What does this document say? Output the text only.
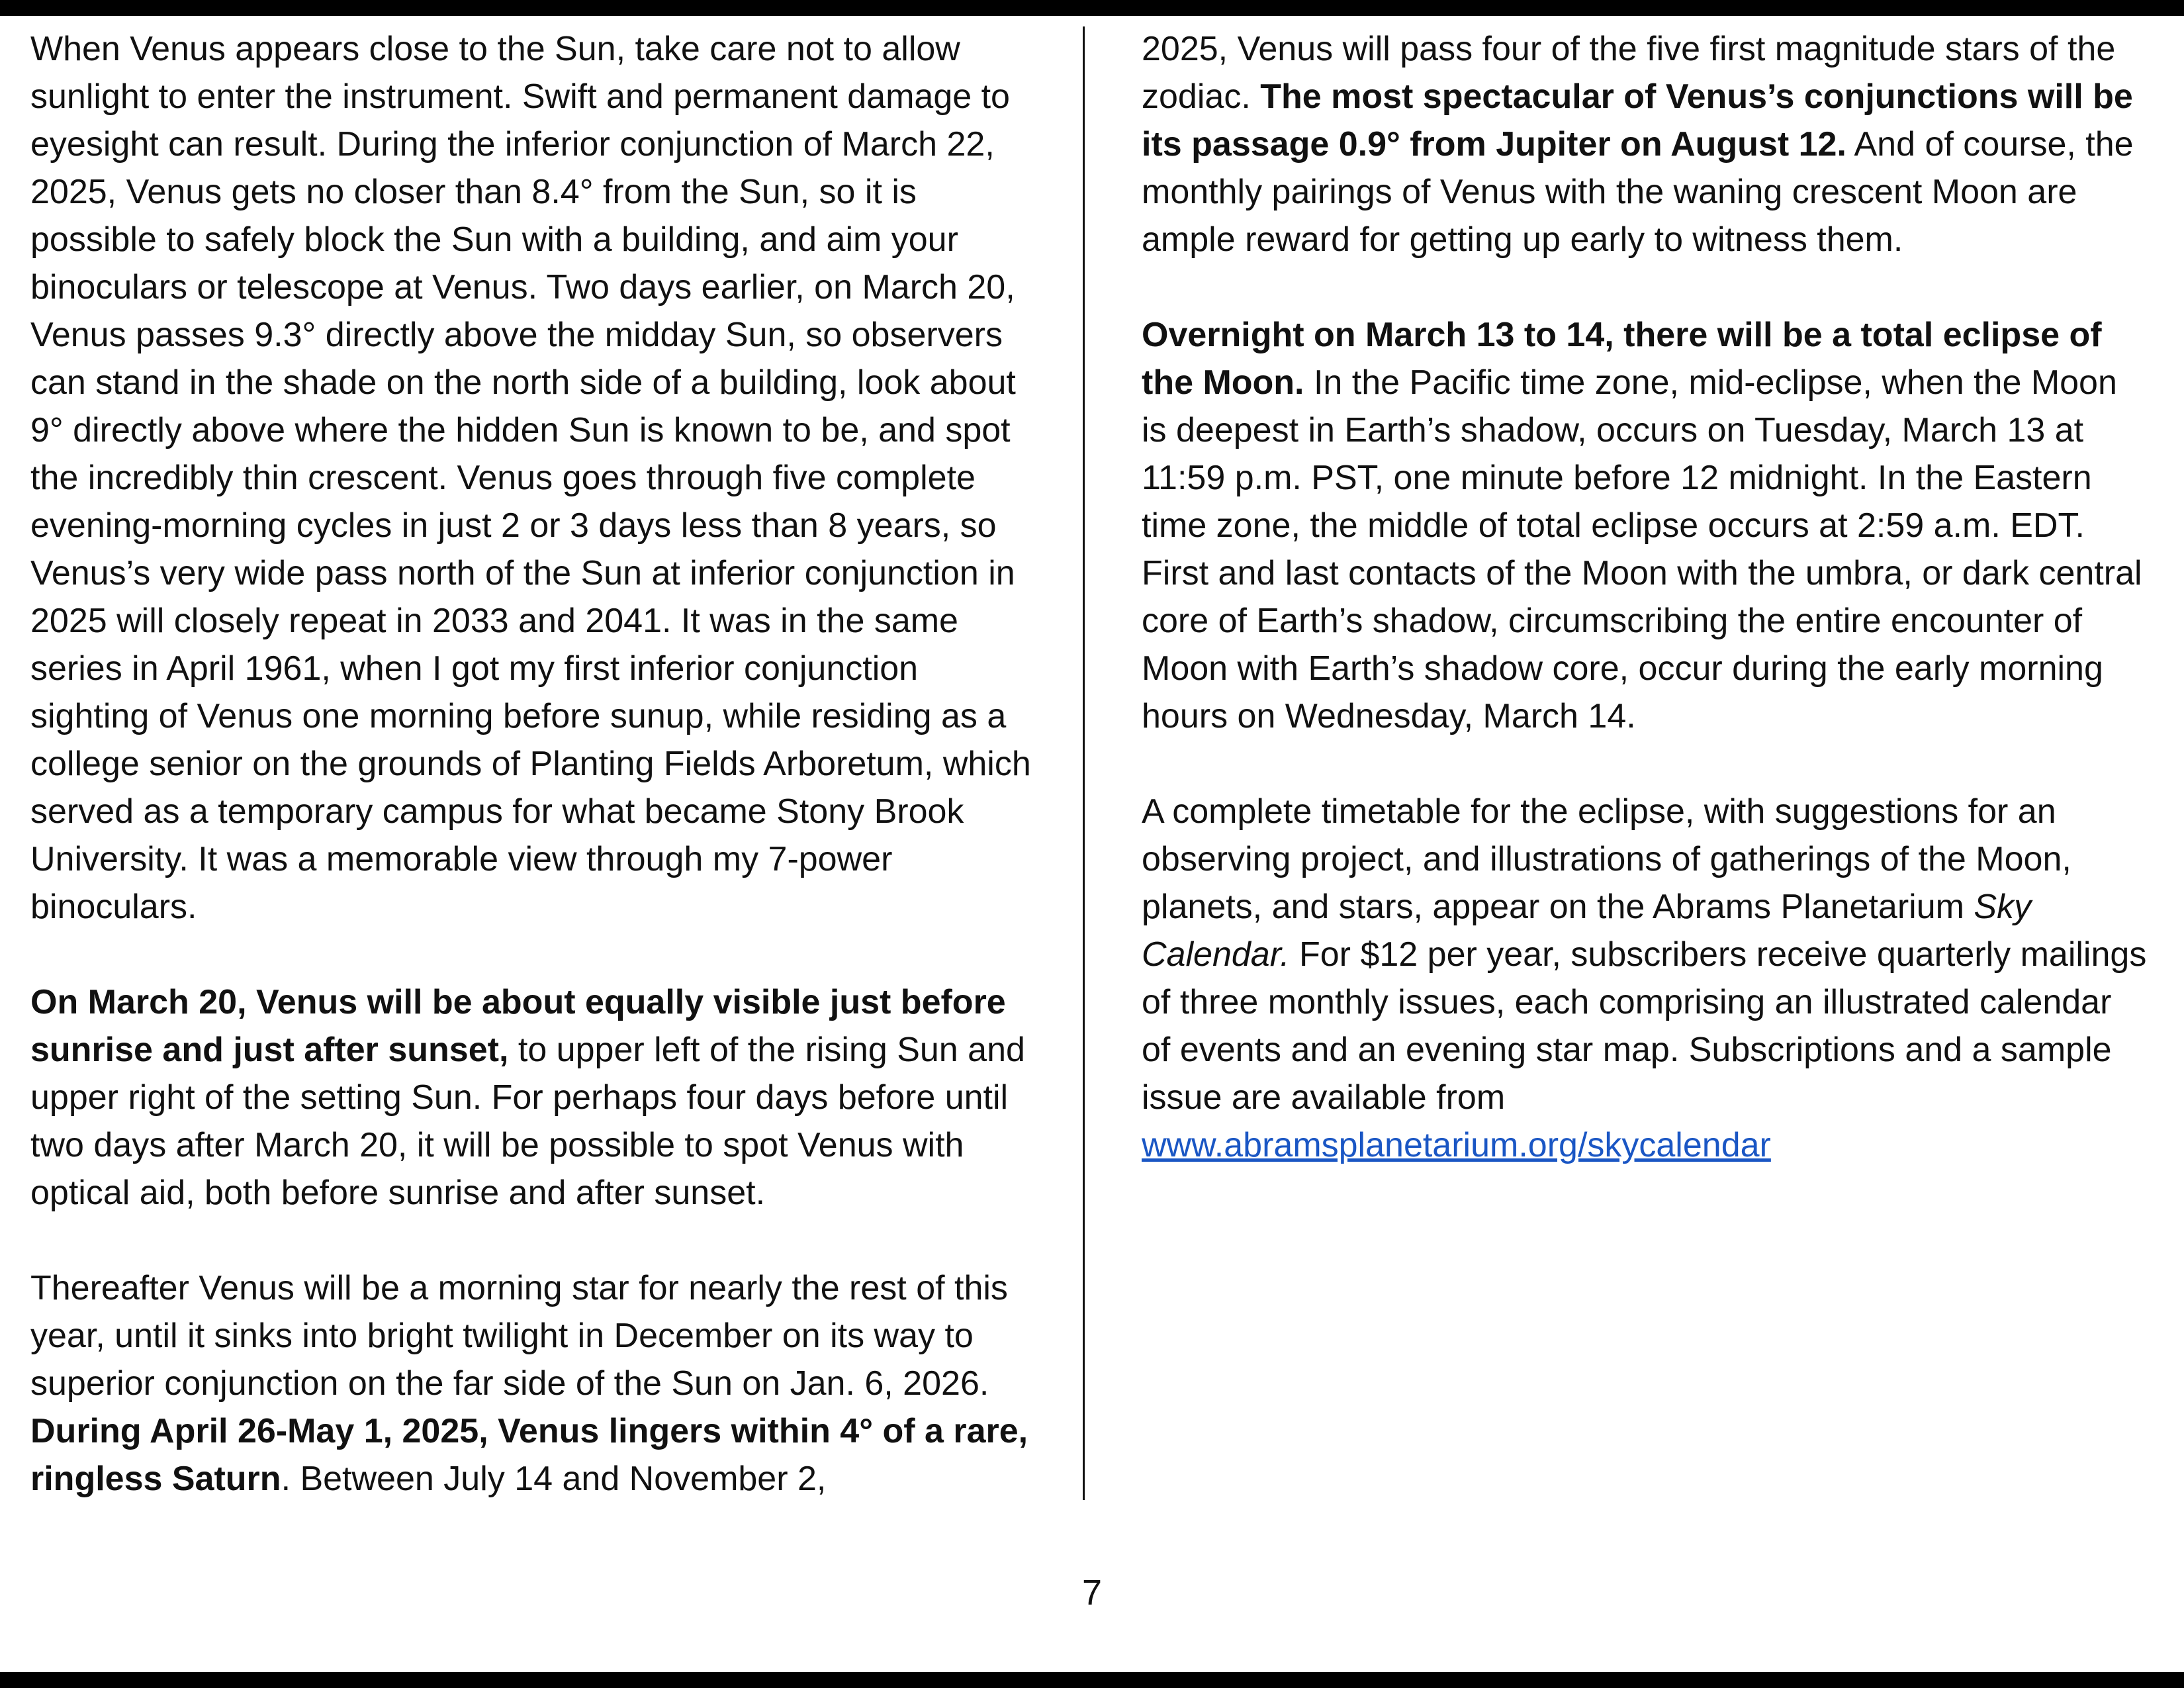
When Venus appears close to the Sun, take care not to allow sunlight to enter the instrument. Swift and permanent damage to eyesight can result. During the inferior conjunction of March 22, 2025, Venus gets no closer than 8.4° from the Sun, so it is possible to safely block the Sun with a building, and aim your binoculars or telescope at Venus. Two days earlier, on March 20, Venus passes 9.3° directly above the midday Sun, so observers can stand in the shade on the north side of a building, look about 9° directly above where the hidden Sun is known to be, and spot the incredibly thin crescent. Venus goes through five complete evening-morning cycles in just 2 or 3 days less than 8 years, so Venus’s very wide pass north of the Sun at inferior conjunction in 2025 will closely repeat in 2033 and 2041. It was in the same series in April 1961, when I got my first inferior conjunction sighting of Venus one morning before sunup, while residing as a college senior on the grounds of Planting Fields Arboretum, which served as a temporary campus for what became Stony Brook University. It was a memorable view through my 7-power binoculars.

On March 20, Venus will be about equally visible just before sunrise and just after sunset, to upper left of the rising Sun and upper right of the setting Sun. For perhaps four days before until two days after March 20, it will be possible to spot Venus with optical aid, both before sunrise and after sunset.

Thereafter Venus will be a morning star for nearly the rest of this year, until it sinks into bright twilight in December on its way to superior conjunction on the far side of the Sun on Jan. 6, 2026. During April 26-May 1, 2025, Venus lingers within 4° of a rare, ringless Saturn. Between July 14 and November 2,

2025, Venus will pass four of the five first magnitude stars of the zodiac. The most spectacular of Venus’s conjunctions will be its passage 0.9° from Jupiter on August 12. And of course, the monthly pairings of Venus with the waning crescent Moon are ample reward for getting up early to witness them.

Overnight on March 13 to 14, there will be a total eclipse of the Moon. In the Pacific time zone, mid-eclipse, when the Moon is deepest in Earth’s shadow, occurs on Tuesday, March 13 at 11:59 p.m. PST, one minute before 12 midnight. In the Eastern time zone, the middle of total eclipse occurs at 2:59 a.m. EDT. First and last contacts of the Moon with the umbra, or dark central core of Earth’s shadow, circumscribing the entire encounter of Moon with Earth’s shadow core, occur during the early morning hours on Wednesday, March 14.

A complete timetable for the eclipse, with suggestions for an observing project, and illustrations of gatherings of the Moon, planets, and stars, appear on the Abrams Planetarium Sky Calendar. For $12 per year, subscribers receive quarterly mailings of three monthly issues, each comprising an illustrated calendar of events and an evening star map. Subscriptions and a sample issue are available from
www.abramsplanetarium.org/skycalendar

7
